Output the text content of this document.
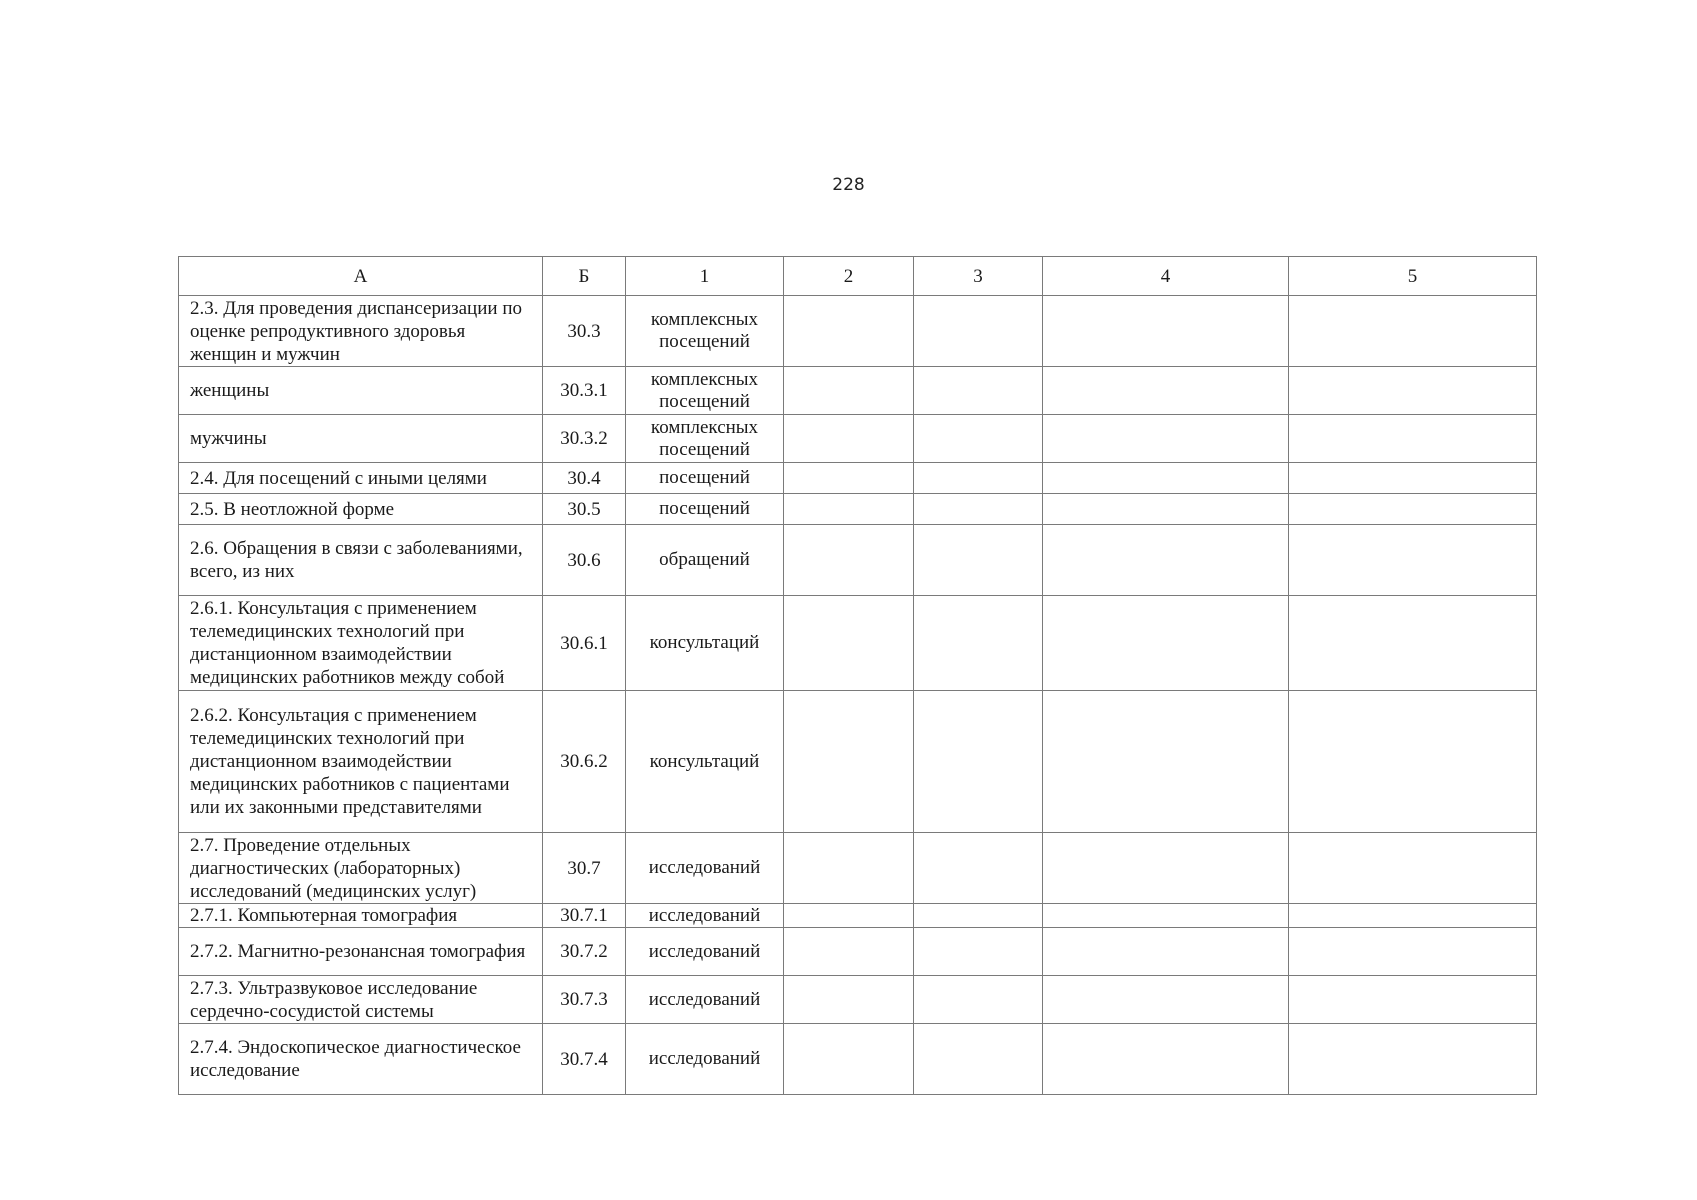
228
А	Б	1	2	3	4	5
2.3. Для проведения диспансеризации по оценке репродуктивного здоровья женщин и мужчин	30.3	комплексных посещений				
женщины	30.3.1	комплексных посещений				
мужчины	30.3.2	комплексных посещений				
2.4. Для посещений с иными целями	30.4	посещений				
2.5. В неотложной форме	30.5	посещений				
2.6. Обращения в связи с заболеваниями, всего, из них	30.6	обращений				
2.6.1. Консультация с применением телемедицинских технологий при дистанционном взаимодействии медицинских работников между собой	30.6.1	консультаций				
2.6.2. Консультация с применением телемедицинских технологий при дистанционном взаимодействии медицинских работников с пациентами или их законными представителями	30.6.2	консультаций				
2.7. Проведение отдельных диагностических (лабораторных) исследований (медицинских услуг)	30.7	исследований				
2.7.1. Компьютерная томография	30.7.1	исследований				
2.7.2. Магнитно-резонансная томография	30.7.2	исследований				
2.7.3. Ультразвуковое исследование сердечно-сосудистой системы	30.7.3	исследований				
2.7.4. Эндоскопическое диагностическое исследование	30.7.4	исследований				
